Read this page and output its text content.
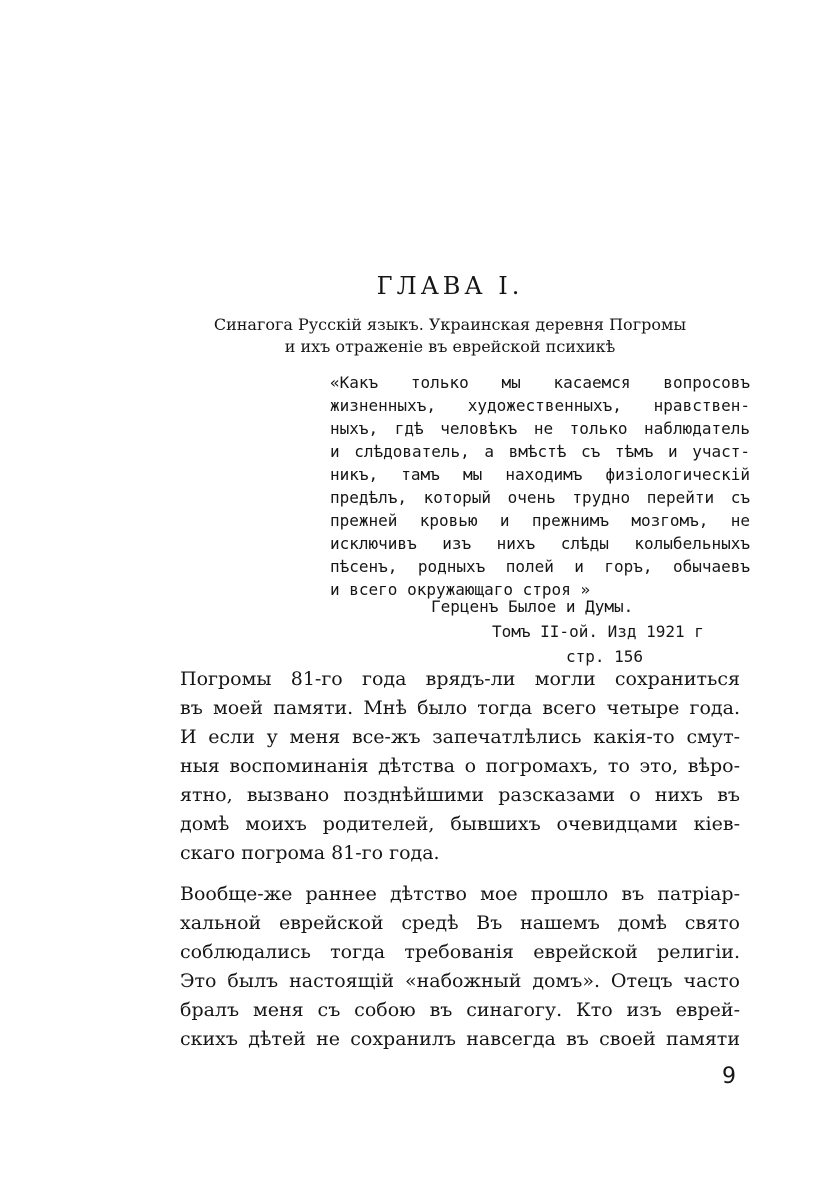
ГЛАВА I.
Синагога Русскій языкъ. Украинская деревня Погромы
и ихъ отраженіе въ еврейской психикѣ
«Какъ только мы касаемся вопросовъ
жизненныхъ, художественныхъ, нравствен-
ныхъ, гдѣ человѣкъ не только наблюдатель
и слѣдователь, а вмѣстѣ съ тѣмъ и участ-
никъ, тамъ мы находимъ физіологическій
предѣлъ, который очень трудно перейти съ
прежней кровью и прежнимъ мозгомъ, не
исключивъ изъ нихъ слѣды колыбельныхъ
пѣсенъ, родныхъ полей и горъ, обычаевъ
и всего окружающаго строя »
Герценъ Былое и Думы.
Томъ II-ой. Изд 1921 г
стр. 156
Погромы 81-го года врядъ-ли могли сохраниться
въ моей памяти. Мнѣ было тогда всего четыре года.
И если у меня все-жъ запечатлѣлись какія-то смут-
ныя воспоминанія дѣтства о погромахъ, то это, вѣро-
ятно, вызвано позднѣйшими разсказами о нихъ въ
домѣ моихъ родителей, бывшихъ очевидцами кіев-
скаго погрома 81-го года.
Вообще-же раннее дѣтство мое прошло въ патріар-
хальной еврейской средѣ Въ нашемъ домѣ свято
соблюдались тогда требованія еврейской религіи.
Это былъ настоящій «набожный домъ». Отецъ часто
бралъ меня съ собою въ синагогу. Кто изъ еврей-
скихъ дѣтей не сохранилъ навсегда въ своей памяти
9
